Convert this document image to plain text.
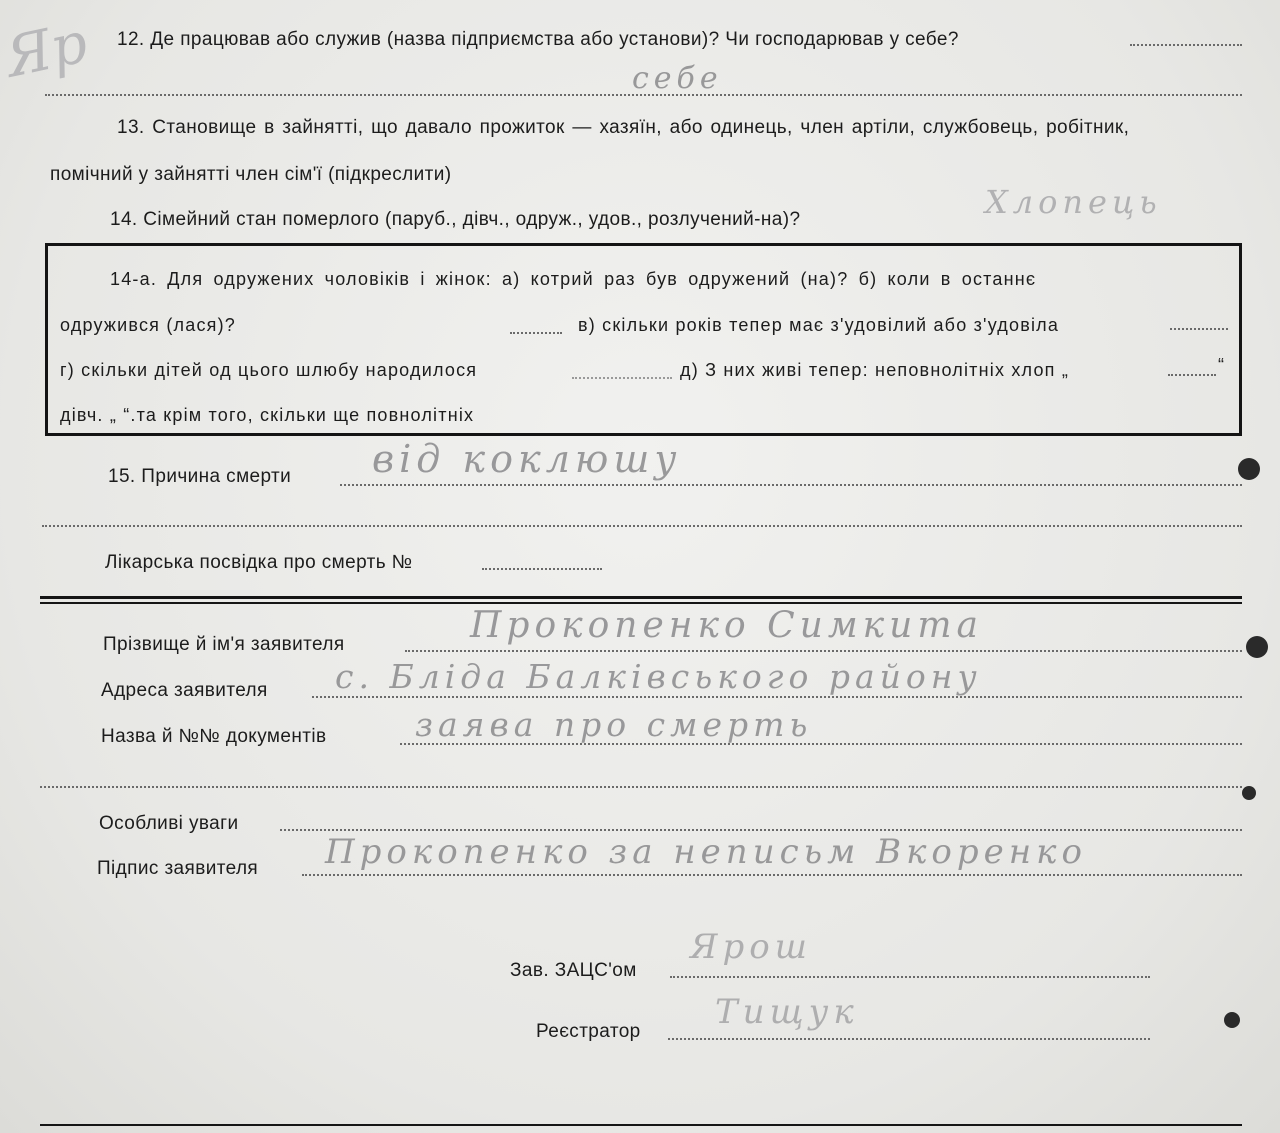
Яр 12. Де працював або служив (назва підприємства або установи)? Чи господарював у себе?
себе
13. Становище в зайнятті, що давало прожиток — хазяїн, або одинець, член артіли, службовець, робітник,
помічний у зайнятті член сім'ї (підкреслити)
14. Сімейний стан померлого (паруб., дівч., одруж., удов., розлучений-на)?	Хлопець
14-а. Для одружених чоловіків і жінок: а) котрий раз був одружений (на)? б) коли в останнє
одружився (лася)?	в) скільки років тепер має з'удовілий або з'удовіла
г) скільки дітей од цього шлюбу народилося	д) З них живі тепер: неповнолітніх хлоп „	“
дівч. „ “.та крім того, скільки ще повнолітніх
15. Причина смерти від коклюшу
Лікарська посвідка про смерть №
Прізвище й ім'я заявителя	Прокопенко Симкита
Адреса заявителя с. Бліда Балківського району
Назва й №№ документів	заява про смерть
Особливі уваги
Підпис заявителя Прокопенко за неписьм Вкоренко
Зав. ЗАЦС'ом
Ярош
Реєстратор Тищук
